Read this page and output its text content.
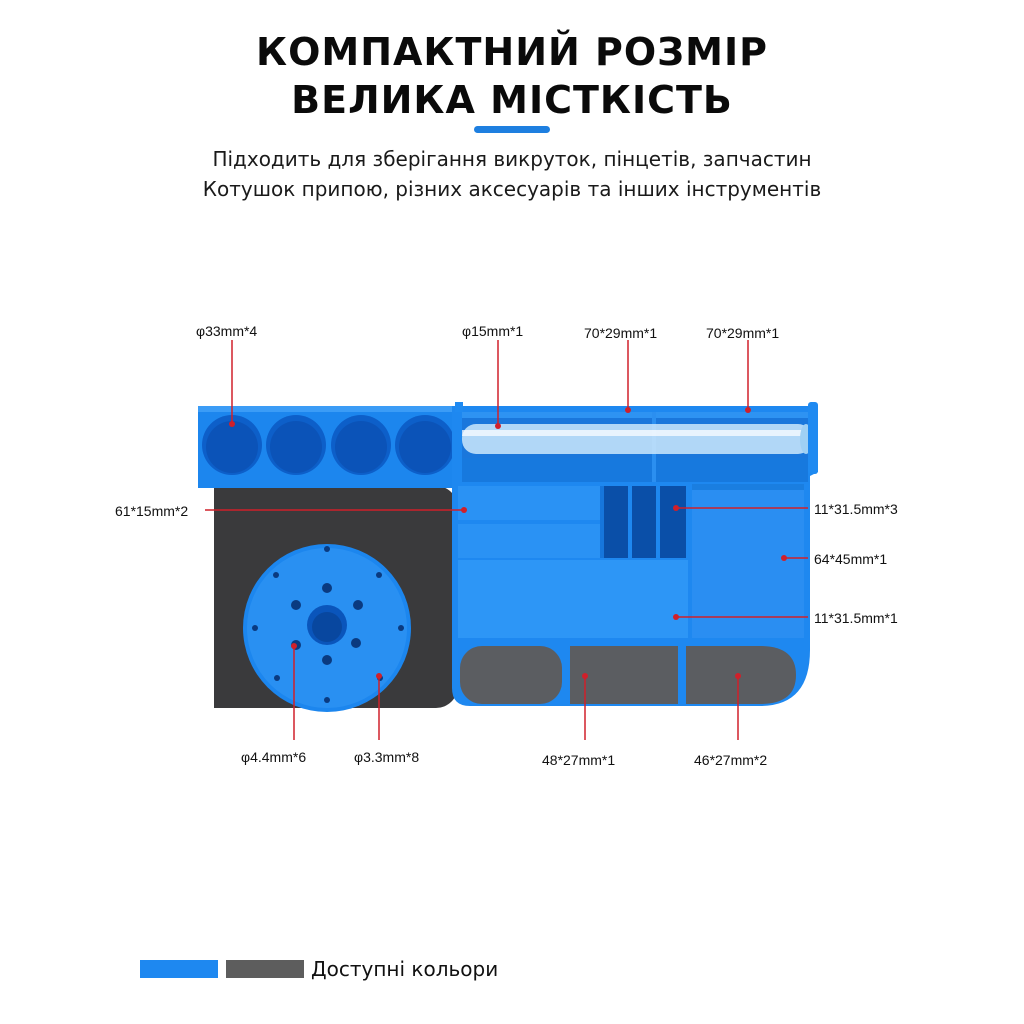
КОМПАКТНИЙ РОЗМІР
ВЕЛИКА МІСТКІСТЬ
Підходить для зберігання викруток, пінцетів, запчастин
Котушок припою, різних аксесуарів та інших інструментів
φ33mm*4	φ15mm*1	70*29mm*1	70*29mm*1
61*15mm*2	11*31.5mm*3
64*45mm*1
11*31.5mm*1
φ4.4mm*6	φ3.3mm*8	48*27mm*1	46*27mm*2
Доступні кольори
